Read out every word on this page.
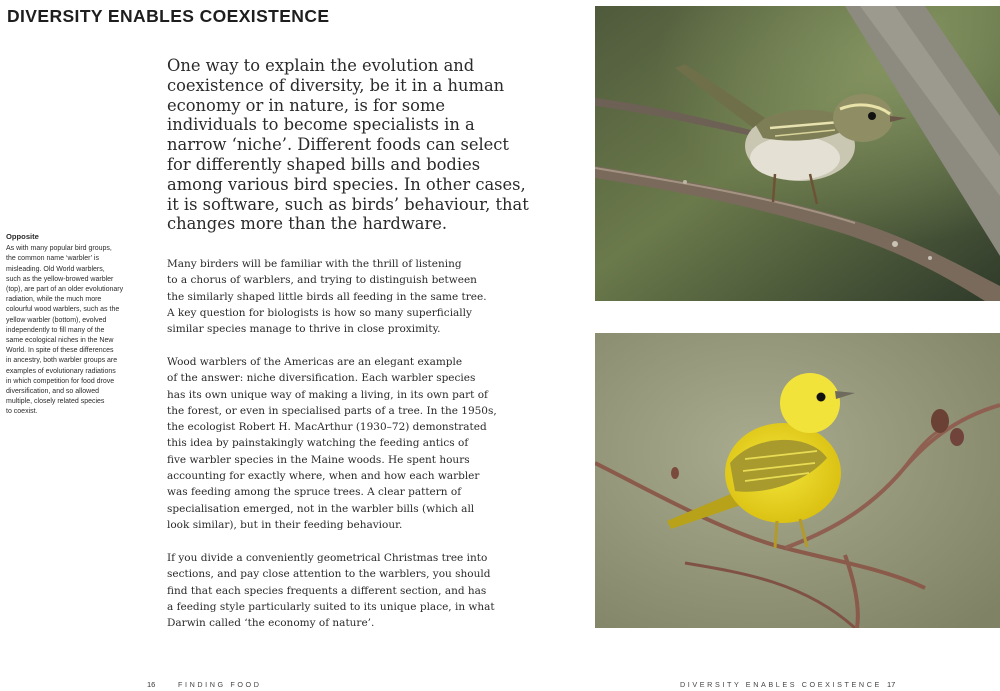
DIVERSITY ENABLES COEXISTENCE

One way to explain the evolution and
coexistence of diversity, be it in a human
economy or in nature, is for some
individuals to become specialists in a
narrow ‘niche’. Different foods can select
for differently shaped bills and bodies
among various bird species. In other cases,
it is software, such as birds’ behaviour, that
changes more than the hardware.

Opposite
As with many popular bird groups,
the common name ‘warbler’ is
misleading. Old World warblers,
such as the yellow-browed warbler
(top), are part of an older evolutionary
radiation, while the much more
colourful wood warblers, such as the
yellow warbler (bottom), evolved
independently to fill many of the
same ecological niches in the New
World. In spite of these differences
in ancestry, both warbler groups are
examples of evolutionary radiations
in which competition for food drove
diversification, and so allowed
multiple, closely related species
to coexist.

Many birders will be familiar with the thrill of listening
to a chorus of warblers, and trying to distinguish between
the similarly shaped little birds all feeding in the same tree.
A key question for biologists is how so many superficially
similar species manage to thrive in close proximity.

Wood warblers of the Americas are an elegant example
of the answer: niche diversification. Each warbler species
has its own unique way of making a living, in its own part of
the forest, or even in specialised parts of a tree. In the 1950s,
the ecologist Robert H. MacArthur (1930–72) demonstrated
this idea by painstakingly watching the feeding antics of
five warbler species in the Maine woods. He spent hours
accounting for exactly where, when and how each warbler
was feeding among the spruce trees. A clear pattern of
specialisation emerged, not in the warbler bills (which all
look similar), but in their feeding behaviour.

If you divide a conveniently geometrical Christmas tree into
sections, and pay close attention to the warblers, you should
find that each species frequents a different section, and has
a feeding style particularly suited to its unique place, in what
Darwin called ‘the economy of nature’.

16	FINDING FOOD	DIVERSITY ENABLES COEXISTENCE 17
